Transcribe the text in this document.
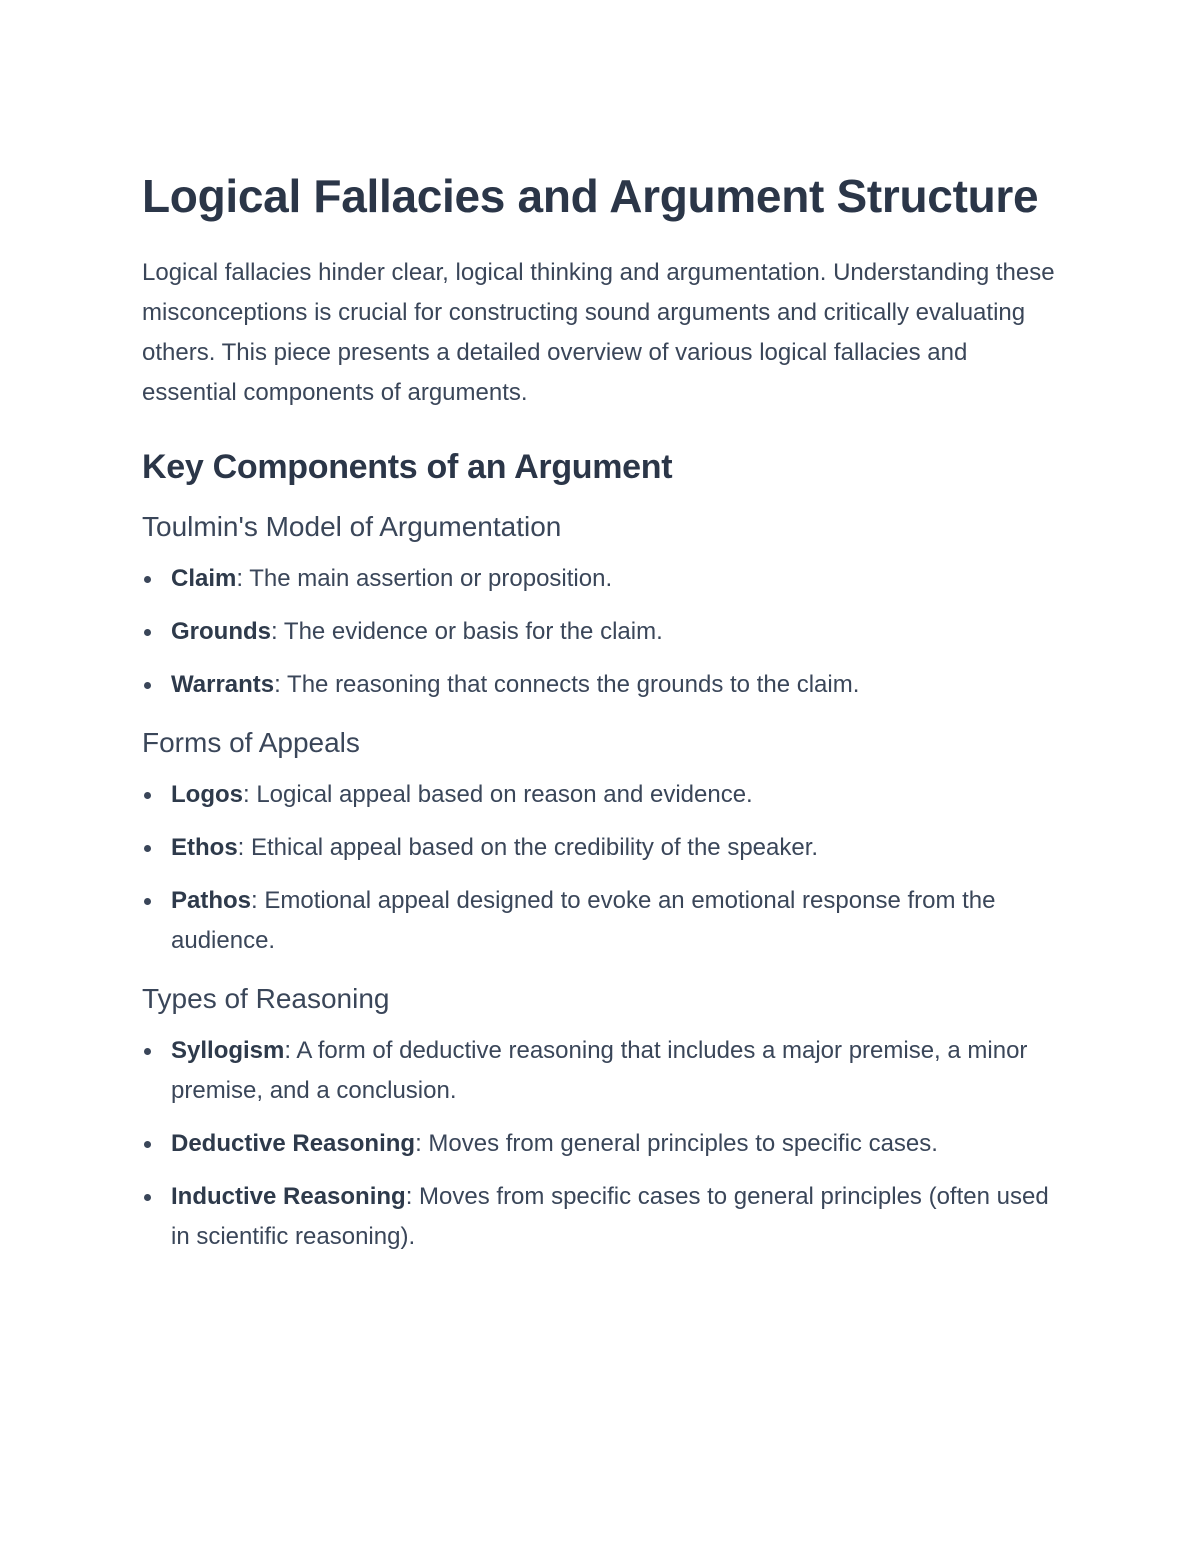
Logical Fallacies and Argument Structure

Logical fallacies hinder clear, logical thinking and argumentation. Understanding these misconceptions is crucial for constructing sound arguments and critically evaluating others. This piece presents a detailed overview of various logical fallacies and essential components of arguments.

Key Components of an Argument
Toulmin's Model of Argumentation
Claim: The main assertion or proposition.
Grounds: The evidence or basis for the claim.
Warrants: The reasoning that connects the grounds to the claim.
Forms of Appeals
Logos: Logical appeal based on reason and evidence.
Ethos: Ethical appeal based on the credibility of the speaker.
Pathos: Emotional appeal designed to evoke an emotional response from the audience.
Types of Reasoning
Syllogism: A form of deductive reasoning that includes a major premise, a minor premise, and a conclusion.
Deductive Reasoning: Moves from general principles to specific cases.
Inductive Reasoning: Moves from specific cases to general principles (often used in scientific reasoning).
